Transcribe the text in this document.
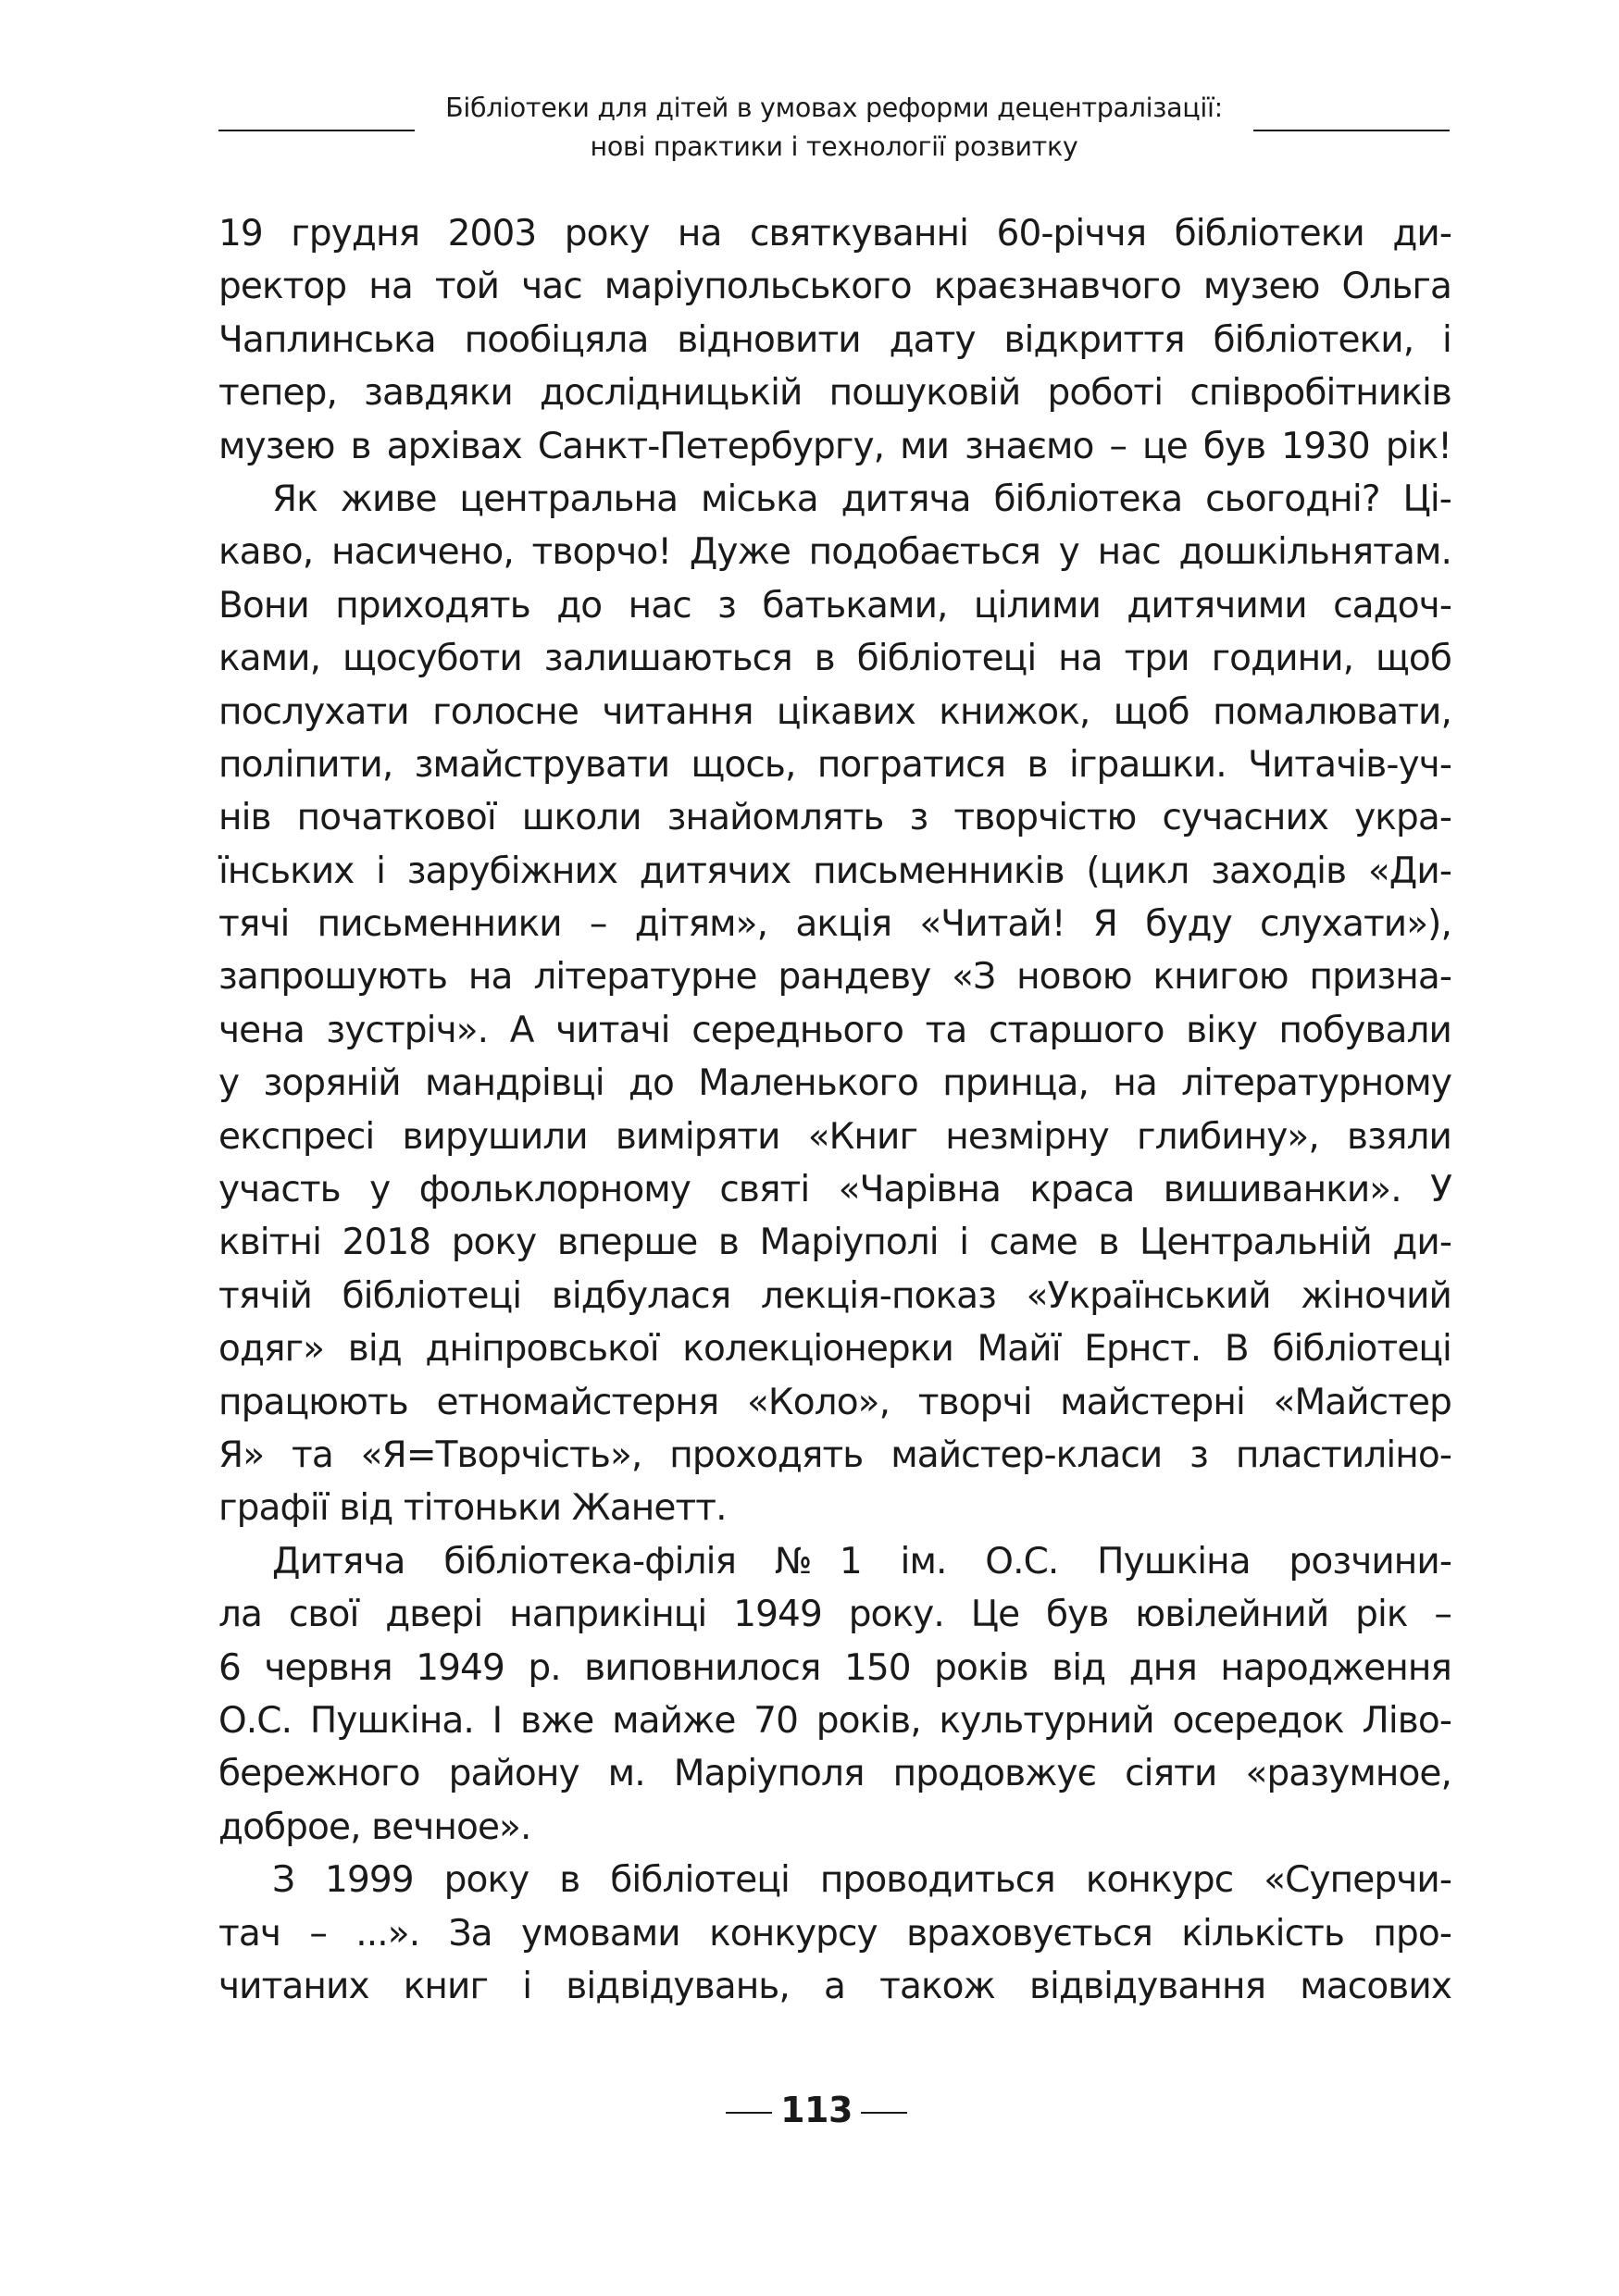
Бібліотеки для дітей в умовах реформи децентралізації:
нові практики і технології розвитку
19 грудня 2003 року на святкуванні 60-річчя бібліотеки ди-
ректор на той час маріупольського краєзнавчого музею Ольга
Чаплинська пообіцяла відновити дату відкриття бібліотеки, і
тепер, завдяки дослідницькій пошуковій роботі співробітників
музею в архівах Санкт-Петербургу, ми знаємо – це був 1930 рік!
Як живе центральна міська дитяча бібліотека сьогодні? Ці-
каво, насичено, творчо! Дуже подобається у нас дошкільнятам.
Вони приходять до нас з батьками, цілими дитячими садоч-
ками, щосуботи залишаються в бібліотеці на три години, щоб
послухати голосне читання цікавих книжок, щоб помалювати,
поліпити, змайструвати щось, погратися в іграшки. Читачів-уч-
нів початкової школи знайомлять з творчістю сучасних укра-
їнських і зарубіжних дитячих письменників (цикл заходів «Ди-
тячі письменники – дітям», акція «Читай! Я буду слухати»),
запрошують на літературне рандеву «З новою книгою призна-
чена зустріч». А читачі середнього та старшого віку побували
у зоряній мандрівці до Маленького принца, на літературному
експресі вирушили виміряти «Книг незмірну глибину», взяли
участь у фольклорному святі «Чарівна краса вишиванки». У
квітні 2018 року вперше в Маріуполі і саме в Центральній ди-
тячій бібліотеці відбулася лекція-показ «Український жіночий
одяг» від дніпровської колекціонерки Майї Ернст. В бібліотеці
працюють етномайстерня «Коло», творчі майстерні «Майстер
Я» та «Я=Творчість», проходять майстер-класи з пластиліно-
графії від тітоньки Жанетт.
Дитяча бібліотека-філія №1 ім. О.С. Пушкіна розчини-
ла свої двері наприкінці 1949 року. Це був ювілейний рік –
6 червня 1949 р. виповнилося 150 років від дня народження
О.С. Пушкіна. І вже майже 70 років, культурний осередок Ліво-
бережного району м. Маріуполя продовжує сіяти «разумное,
доброе, вечное».
З 1999 року в бібліотеці проводиться конкурс «Суперчи-
тач – ...». За умовами конкурсу враховується кількість про-
читаних книг і відвідувань, а також відвідування масових
113
